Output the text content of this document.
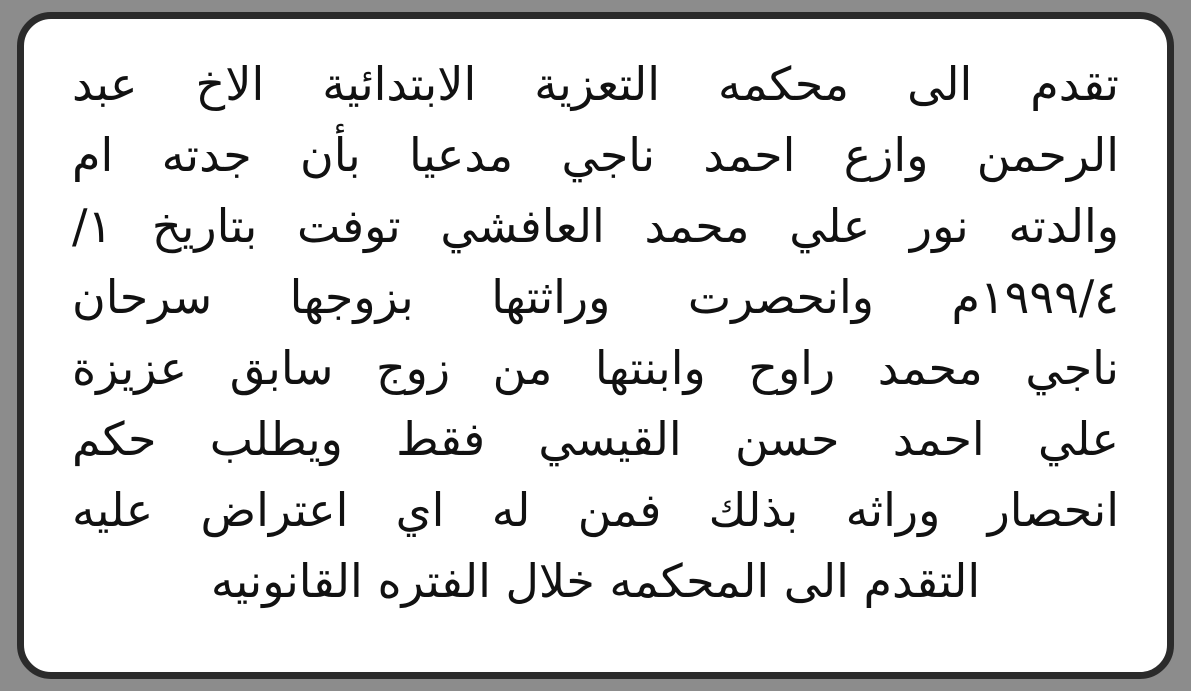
تقدم الى محكمه التعزية الابتدائية الاخ عبد
الرحمن وازع احمد ناجي مدعيا بأن جدته ام
والدته نور علي محمد العافشي توفت بتاريخ ١/
١٩٩٩/٤م وانحصرت وراثتها بزوجها سرحان
ناجي محمد راوح وابنتها من زوج سابق عزيزة
علي احمد حسن القيسي فقط ويطلب حكم
انحصار وراثه بذلك فمن له اي اعتراض عليه
التقدم الى المحكمه خلال الفتره القانونيه
